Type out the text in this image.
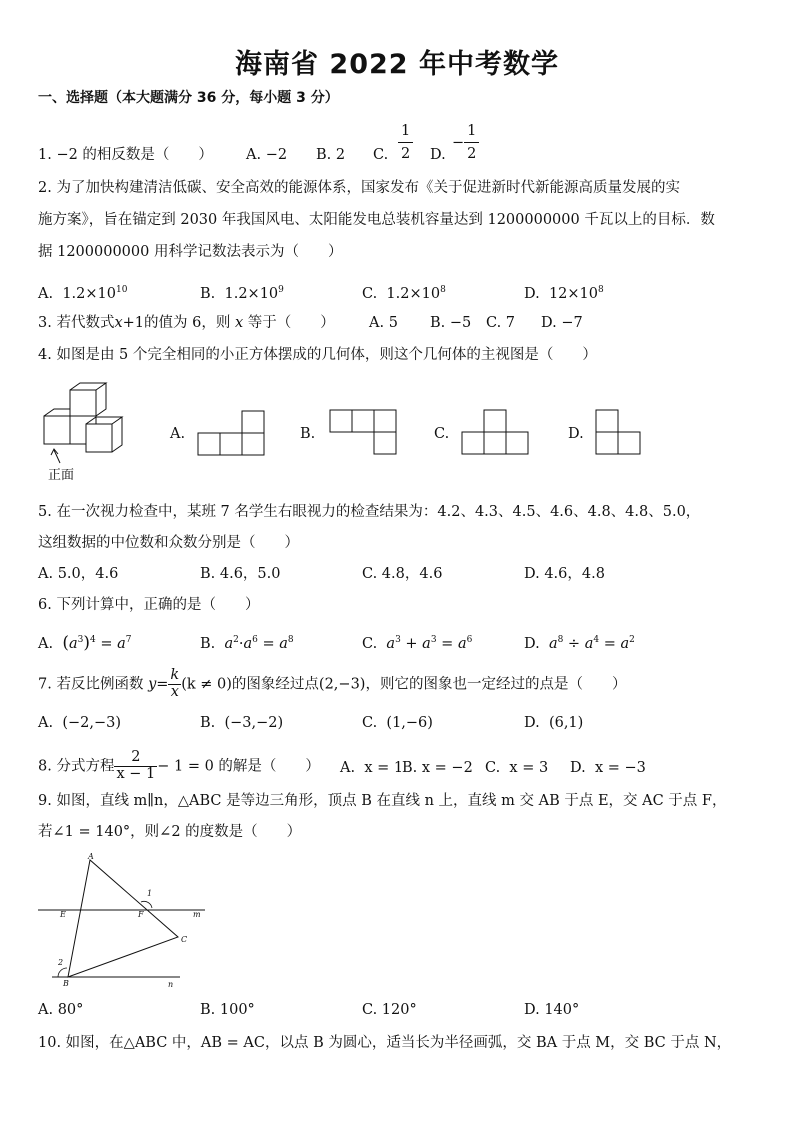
海南省 2022 年中考数学
一、选择题（本大题满分 36 分，每小题 3 分）
1. −2 的相反数是（　　） A. −2 B. 2 C. $\frac{1}{2} D$.
− $\frac{1}{2}$
2. 为了加快构建清洁低碳、安全高效的能源体系，国家发布《关于促进新时代新能源高质量发展的实
施方案》，旨在锚定到 2030 年我国风电、太阳能发电总装机容量达到 1200000000 千瓦以上的目标．数
据 1200000000 用科学记数法表示为（　　）
A. $1.2\times 10^{10}$	B. $1.2\times 10^9$	C. $1.2\times 10^8$	D. $12\times 10^8$
3. 若代数式x+1的值为 6，则 x 等于（　　） A. 5 B. −5 C. 7 D. −7
4. 如图是由 5 个完全相同的小正方体摆成的几何体，则这个几何体的主视图是（　　）
正面
A.	B.	C.	D.
5. 在一次视力检查中，某班 7 名学生右眼视力的检查结果为：4.2、4.3、4.5、4.6、4.8、4.8、5.0，
这组数据的中位数和众数分别是（　　）
A. 5.0，4.6	B. 4.6，5.0	C. 4.8，4.6	D. 4.6，4.8
6. 下列计算中，正确的是（　　）
A. $(a^3)^4 = a^7$	B. $a^2\cdot a^6 = a^8$	C. $a^3 + a^3 = a^6$	D. $a^8 \div a^4 = a^2$
7. 若反比例函数 $y= \frac{k}{x} (k \ne 0)$的图象经过点(2,−3)，则它的图象也一定经过的点是（　　）
A. (−2,−3)	B. (−3,−2)	C. (1,−6)	D. (6,1)
8. 分式方程 $\frac{2}{x - 1} - 1 = 0$ 的解是（　　） A. x = 1
B. x = −2 C. x = 3 D. x = −3
9. 如图，直线 m∥n，△ABC 是等边三角形，顶点 B 在直线 n 上，直线 m 交 AB 于点 E，交 AC 于点 F，
若∠1 = 140°，则∠2 的度数是（　　）
A
E	F
C
B
m
n
1
2
A. 80°	B. 100°	C. 120°	D. 140°
10. 如图，在△ABC 中，AB = AC，以点 B 为圆心，适当长为半径画弧，交 BA 于点 M，交 BC 于点 N，
